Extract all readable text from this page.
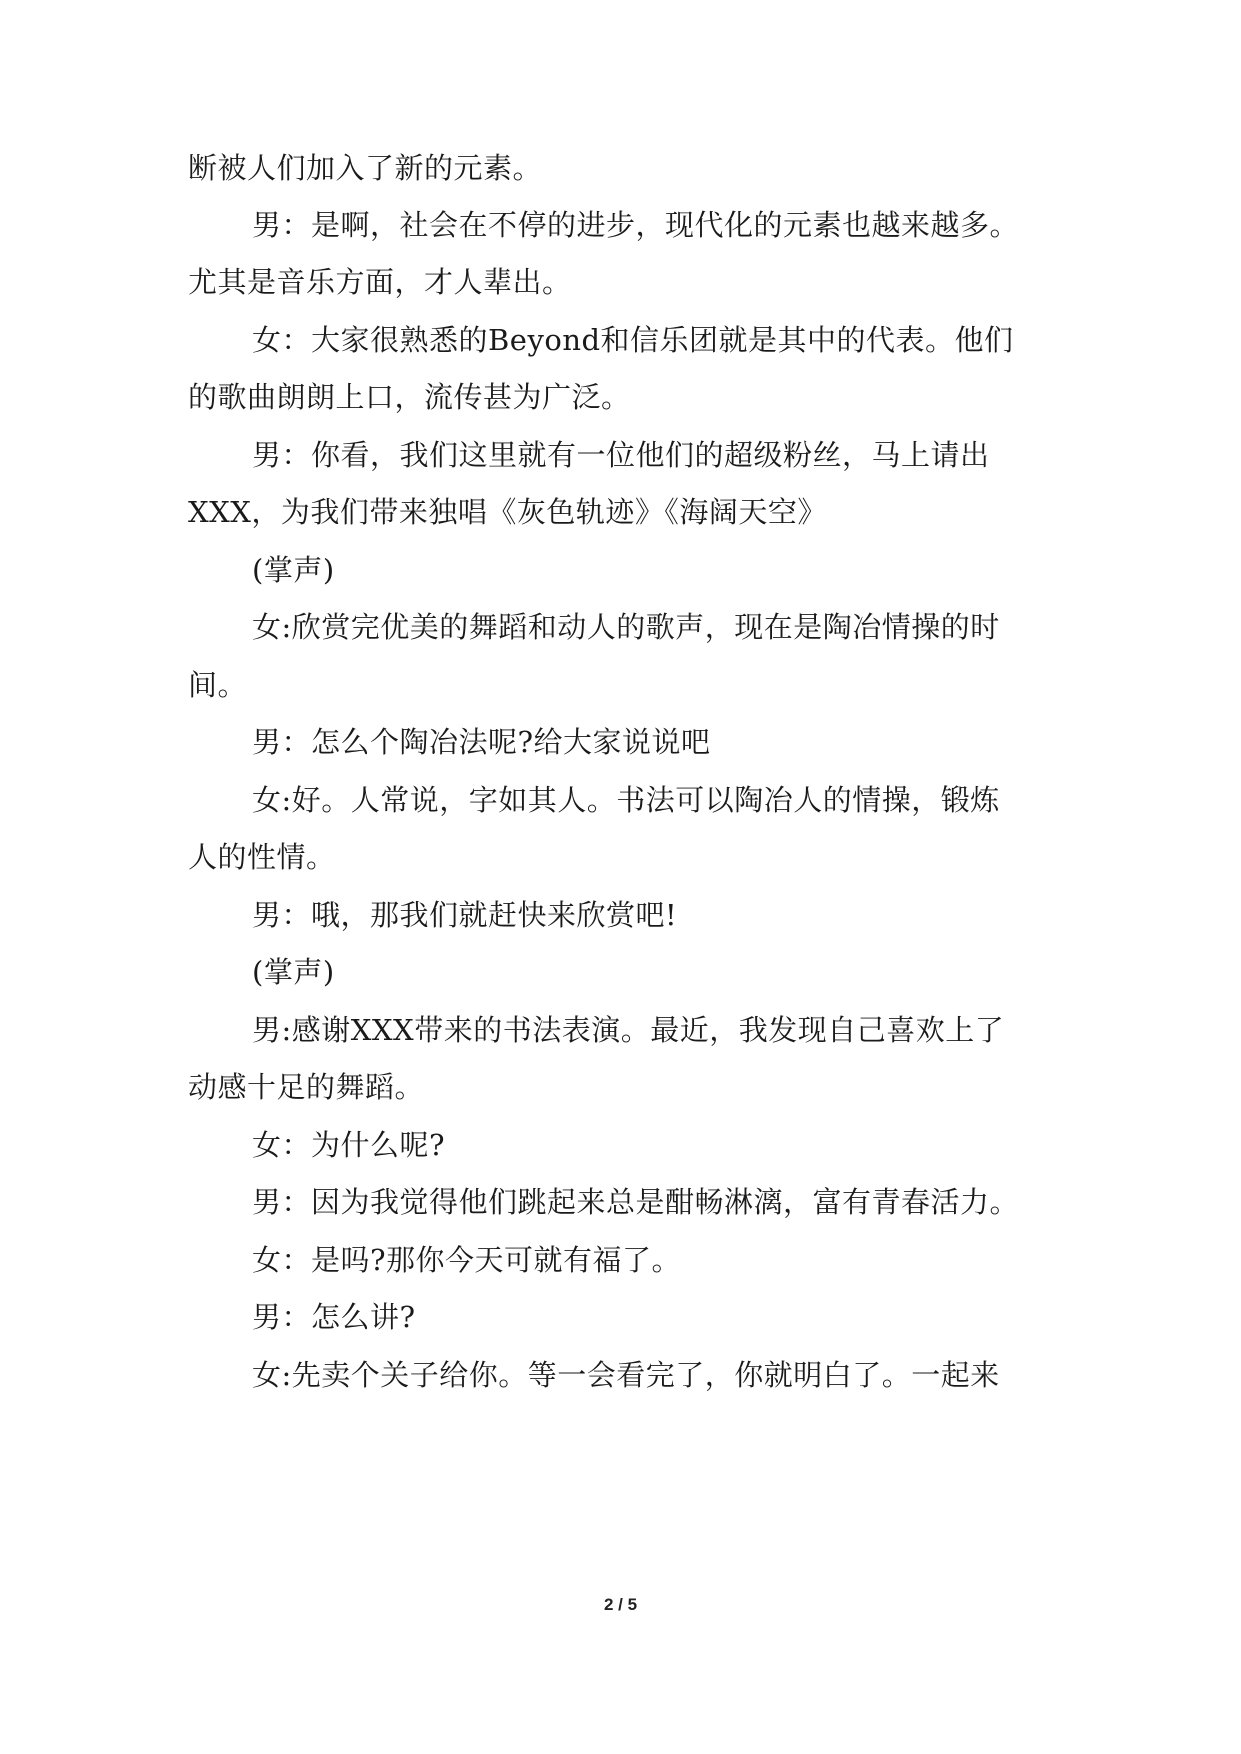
断被人们加入了新的元素。
男：是啊，社会在不停的进步，现代化的元素也越来越多。
尤其是音乐方面，才人辈出。
女：大家很熟悉的Beyond和信乐团就是其中的代表。他们
的歌曲朗朗上口，流传甚为广泛。
男：你看，我们这里就有一位他们的超级粉丝，马上请出
XXX，为我们带来独唱《灰色轨迹》《海阔天空》
(掌声)
女:欣赏完优美的舞蹈和动人的歌声，现在是陶冶情操的时
间。
男：怎么个陶冶法呢?给大家说说吧
女:好。人常说，字如其人。书法可以陶冶人的情操，锻炼
人的性情。
男：哦，那我们就赶快来欣赏吧!
(掌声)
男:感谢XXX带来的书法表演。最近，我发现自己喜欢上了
动感十足的舞蹈。
女：为什么呢?
男：因为我觉得他们跳起来总是酣畅淋漓，富有青春活力。
女：是吗?那你今天可就有福了。
男：怎么讲?
女:先卖个关子给你。等一会看完了，你就明白了。一起来
2 / 5
